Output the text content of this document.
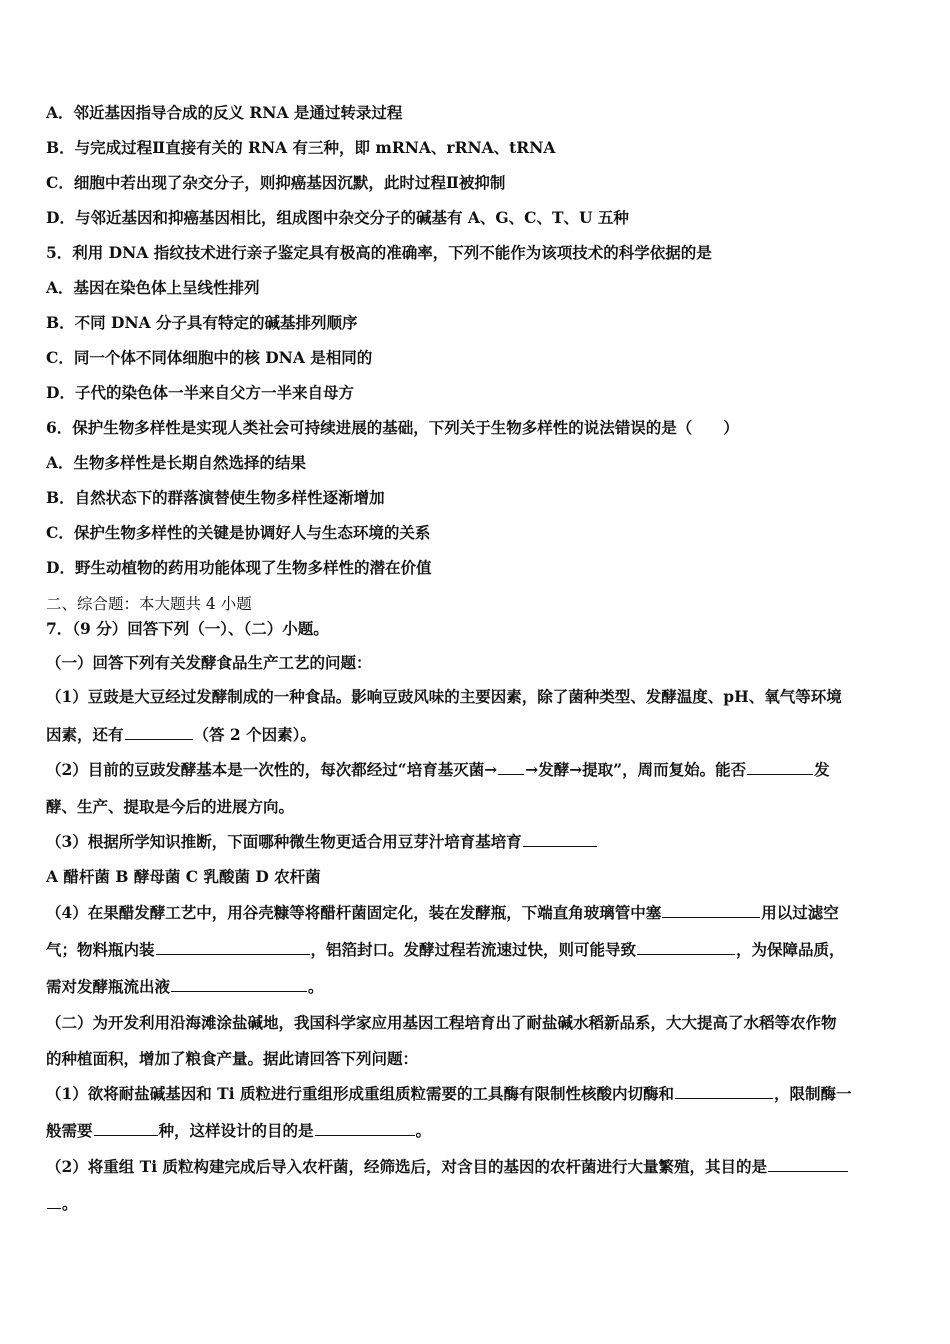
A．邻近基因指导合成的反义 RNA 是通过转录过程
B．与完成过程Ⅱ直接有关的 RNA 有三种，即 mRNA、rRNA、tRNA
C．细胞中若出现了杂交分子，则抑癌基因沉默，此时过程Ⅱ被抑制
D．与邻近基因和抑癌基因相比，组成图中杂交分子的碱基有 A、G、C、T、U 五种
5．利用 DNA 指纹技术进行亲子鉴定具有极高的准确率，下列不能作为该项技术的科学依据的是
A．基因在染色体上呈线性排列
B．不同 DNA 分子具有特定的碱基排列顺序
C．同一个体不同体细胞中的核 DNA 是相同的
D．子代的染色体一半来自父方一半来自母方
6．保护生物多样性是实现人类社会可持续进展的基础，下列关于生物多样性的说法错误的是（　　）
A．生物多样性是长期自然选择的结果
B．自然状态下的群落演替使生物多样性逐渐增加
C．保护生物多样性的关键是协调好人与生态环境的关系
D．野生动植物的药用功能体现了生物多样性的潜在价值
二、综合题：本大题共 4 小题
7．（9 分）回答下列（一）、（二）小题。
（一）回答下列有关发酵食品生产工艺的问题：
（1）豆豉是大豆经过发酵制成的一种食品。影响豆豉风味的主要因素，除了菌种类型、发酵温度、pH、氧气等环境
因素，还有	（答 2 个因素）。
（2）目前的豆豉发酵基本是一次性的，每次都经过“培育基灭菌→ →发酵→提取”，周而复始。能否	发
酵、生产、提取是今后的进展方向。
（3）根据所学知识推断，下面哪种微生物更适合用豆芽汁培育基培育
A 醋杆菌 B 酵母菌 C 乳酸菌 D 农杆菌
（4）在果醋发酵工艺中，用谷壳糠等将醋杆菌固定化，装在发酵瓶，下端直角玻璃管中塞	用以过滤空
气；物料瓶内装	，铝箔封口。发酵过程若流速过快，则可能导致	，为保障品质，
需对发酵瓶流出液	。
（二）为开发利用沿海滩涂盐碱地，我国科学家应用基因工程培育出了耐盐碱水稻新品系，大大提高了水稻等农作物
的种植面积，增加了粮食产量。据此请回答下列问题：
（1）欲将耐盐碱基因和 Ti 质粒进行重组形成重组质粒需要的工具酶有限制性核酸内切酶和	，限制酶一
般需要	种，这样设计的目的是	。
（2）将重组 Ti 质粒构建完成后导入农杆菌，经筛选后，对含目的基因的农杆菌进行大量繁殖，其目的是
。
